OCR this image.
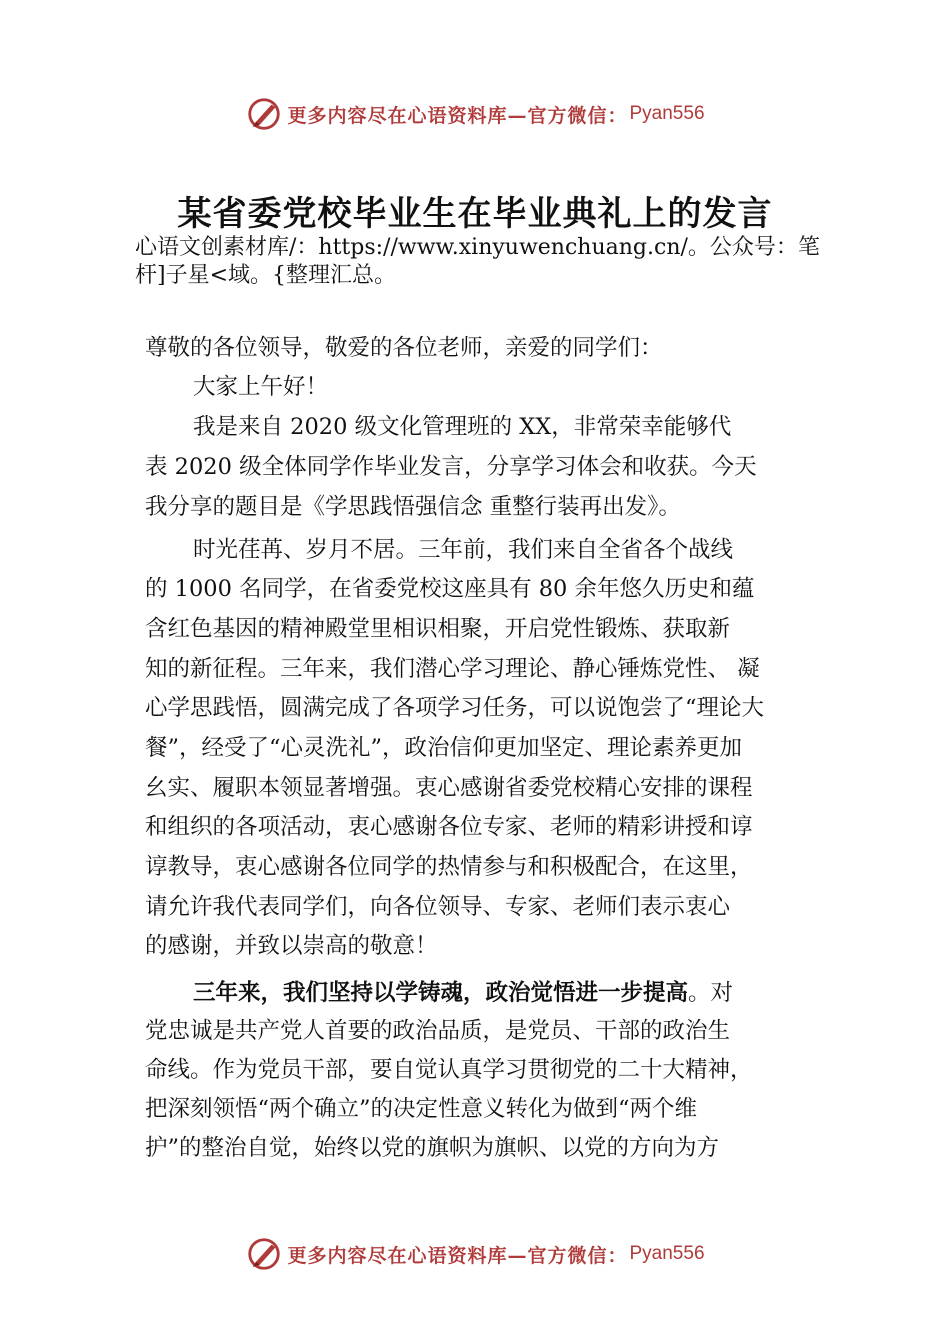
更多内容尽在心语资料库—官方微信： Pyan556
某省委党校毕业生在毕业典礼上的发言
心语文创素材库/：https://www.xinyuwenchuang.cn/。公众号：笔杆]子星<域。{整理汇总。
尊敬的各位领导，敬爱的各位老师，亲爱的同学们：
大家上午好！
我是来自 2020 级文化管理班的 XX，非常荣幸能够代
表 2020 级全体同学作毕业发言，分享学习体会和收获。今天
我分享的题目是《学思践悟强信念 重整行装再出发》。
时光荏苒、岁月不居。三年前，我们来自全省各个战线
的 1000 名同学，在省委党校这座具有 80 余年悠久历史和蕴
含红色基因的精神殿堂里相识相聚，开启党性锻炼、获取新
知的新征程。三年来，我们潜心学习理论、静心锤炼党性、 凝
心学思践悟，圆满完成了各项学习任务，可以说饱尝了“理论大
餐”，经受了“心灵洗礼”，政治信仰更加坚定、理论素养更加
⺓实、履职本领显著增强。衷心感谢省委党校精心安排的课程
和组织的各项活动，衷心感谢各位专家、老师的精彩讲授和谆
谆教导，衷心感谢各位同学的热情参与和积极配合，在这里，
请允许我代表同学们，向各位领导、专家、老师们表示衷心
的感谢，并致以崇高的敬意！
三年来，我们坚持以学铸魂，政治觉悟进一步提高。对
党忠诚是共产党人首要的政治品质，是党员、干部的政治生
命线。作为党员干部，要自觉认真学习贯彻党的二十大精神，
把深刻领悟“两个确立”的决定性意义转化为做到“两个维
护”的整治自觉，始终以党的旗帜为旗帜、以党的方向为方
更多内容尽在心语资料库—官方微信： Pyan556
